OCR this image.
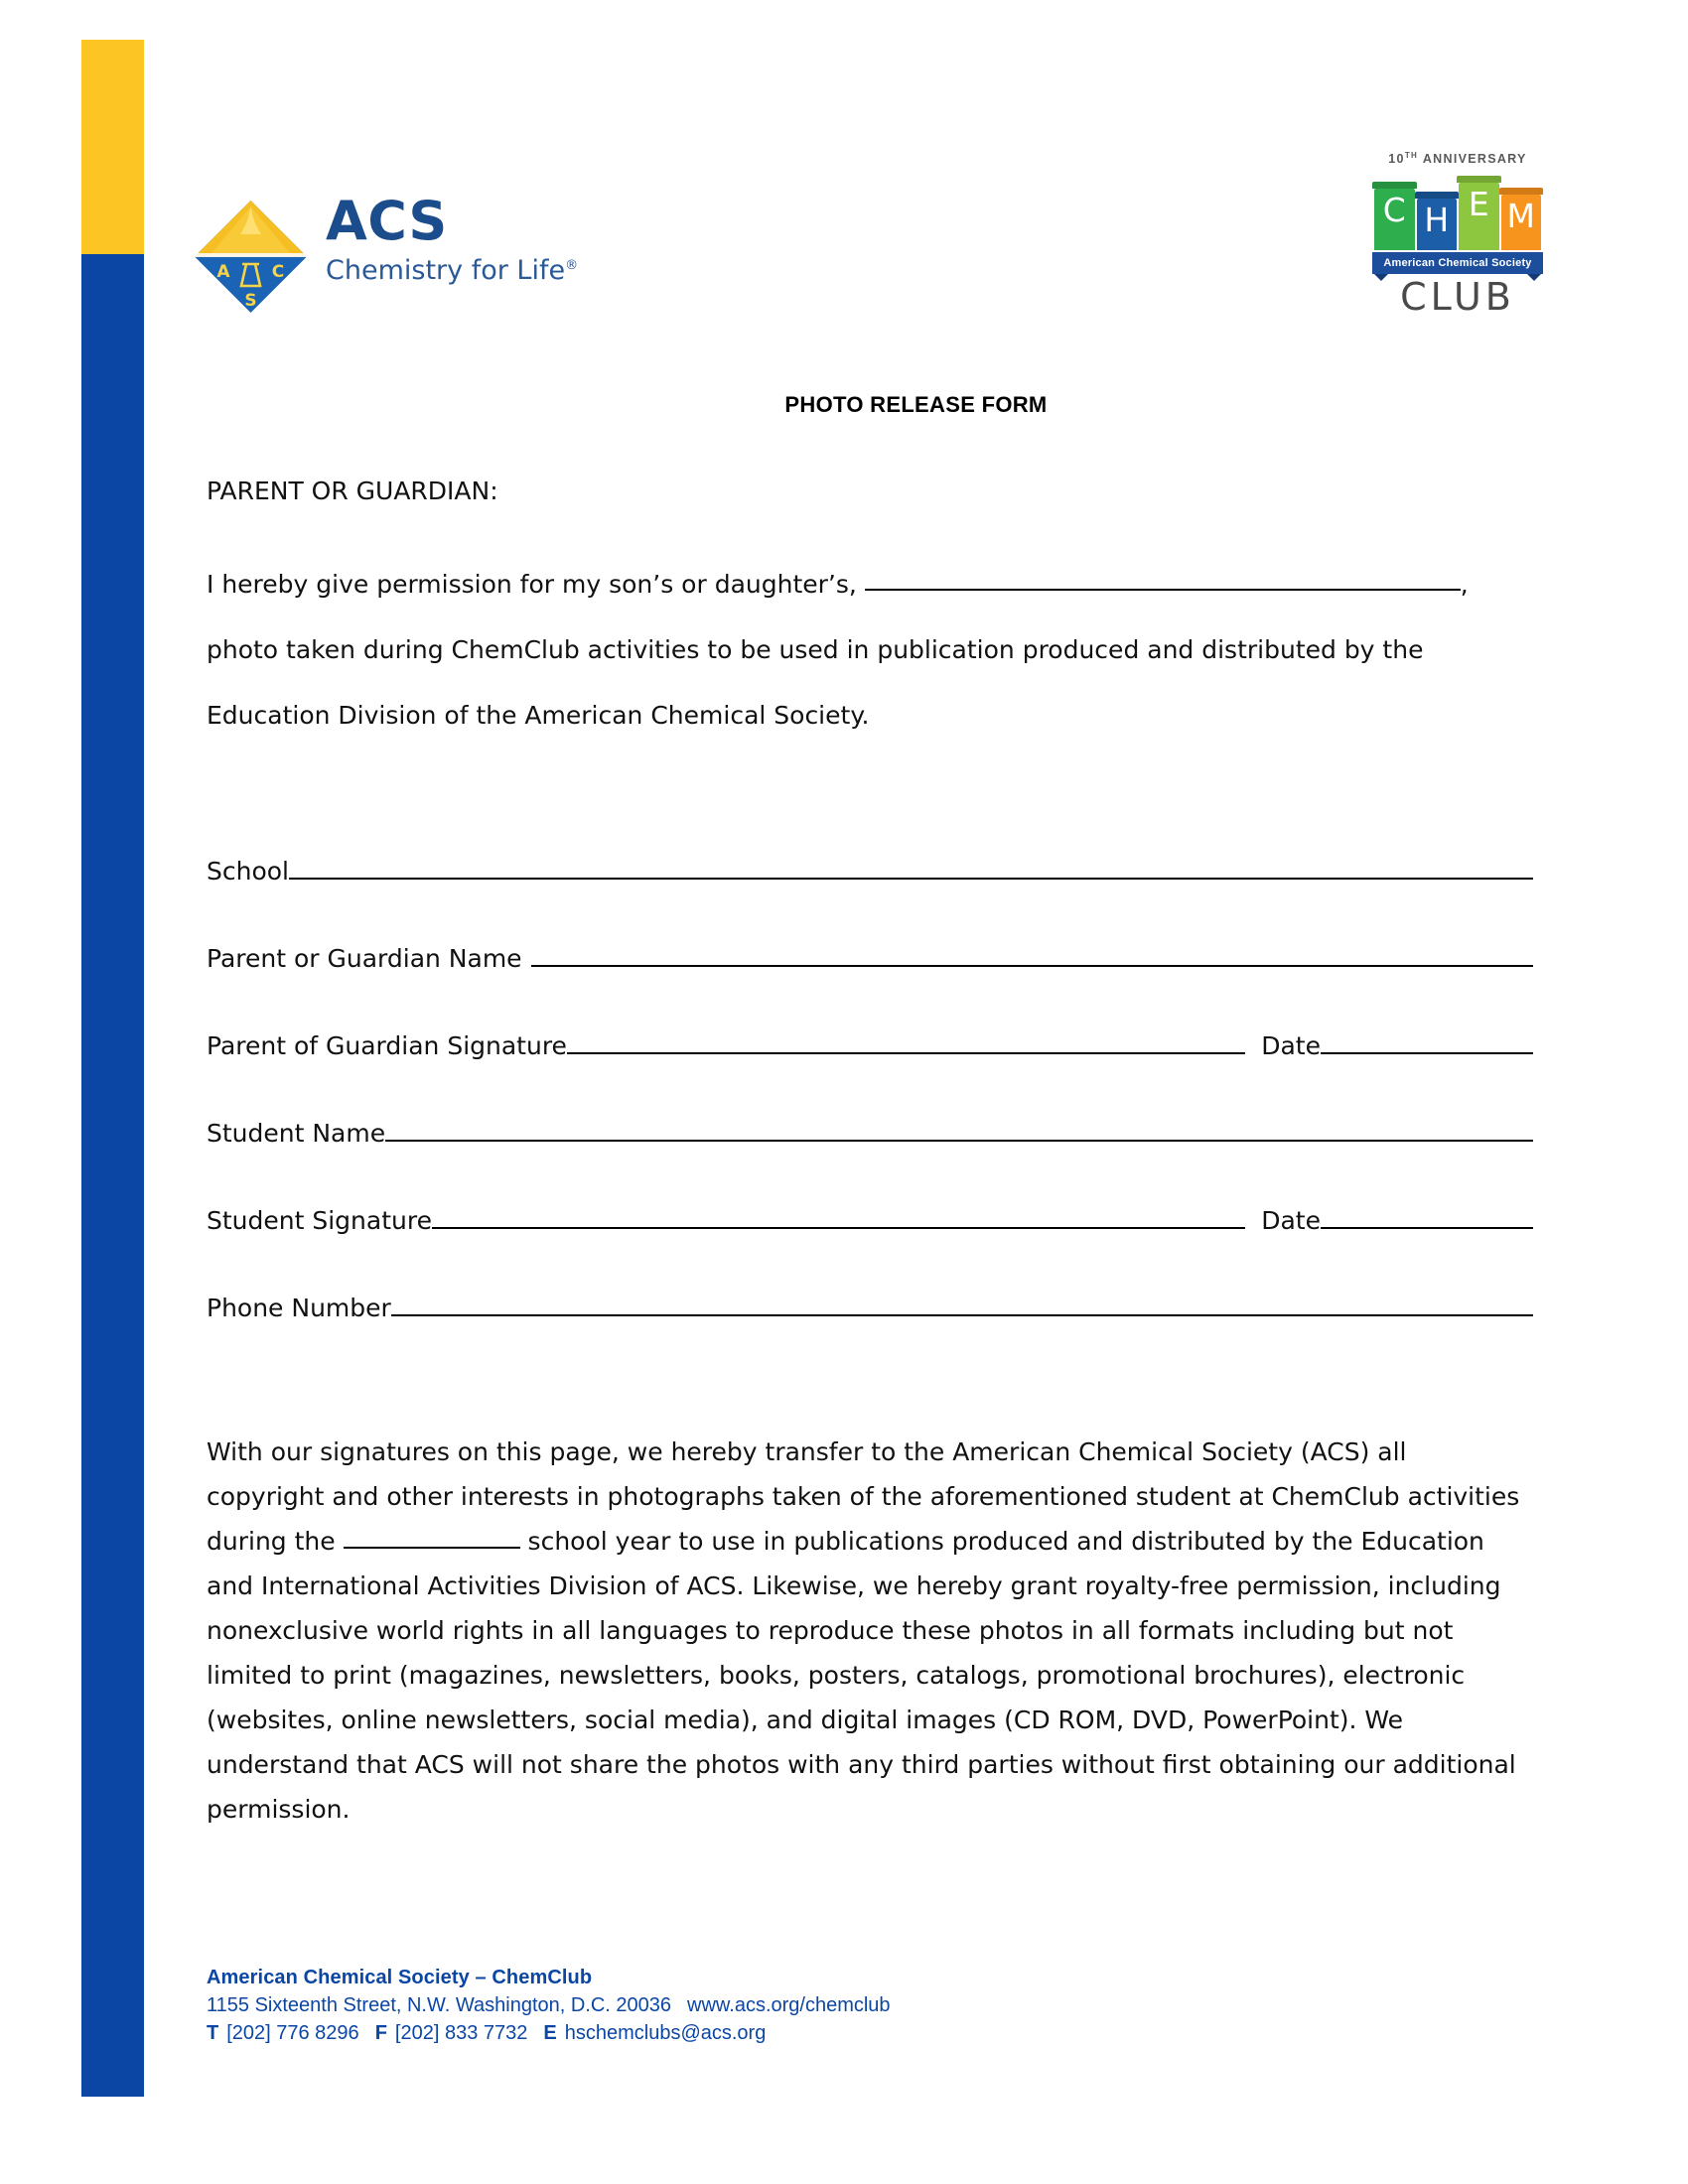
A C
S
ACS
Chemistry for Life®
10TH ANNIVERSARY
C H E M
American Chemical Society
CLUB
PHOTO RELEASE FORM
PARENT OR GUARDIAN:
I hereby give permission for my son’s or daughter’s,	,
photo taken during ChemClub activities to be used in publication produced and distributed by the
Education Division of the American Chemical Society.
School
Parent or Guardian Name
Parent of Guardian Signature	Date
Student Name
Student Signature	Date
Phone Number
With our signatures on this page, we hereby transfer to the American Chemical Society (ACS) all copyright and other interests in photographs taken of the aforementioned student at ChemClub activities during the	school year to use in publications produced and distributed by the Education and International Activities Division of ACS. Likewise, we hereby grant royalty-free permission, including nonexclusive world rights in all languages to reproduce these photos in all formats including but not limited to print (magazines, newsletters, books, posters, catalogs, promotional brochures), electronic (websites, online newsletters, social media), and digital images (CD ROM, DVD, PowerPoint). We understand that ACS will not share the photos with any third parties without first obtaining our additional permission.
American Chemical Society – ChemClub
1155 Sixteenth Street, N.W. Washington, D.C. 20036 www.acs.org/chemclub
T [202] 776 8296 F [202] 833 7732 E hschemclubs@acs.org
